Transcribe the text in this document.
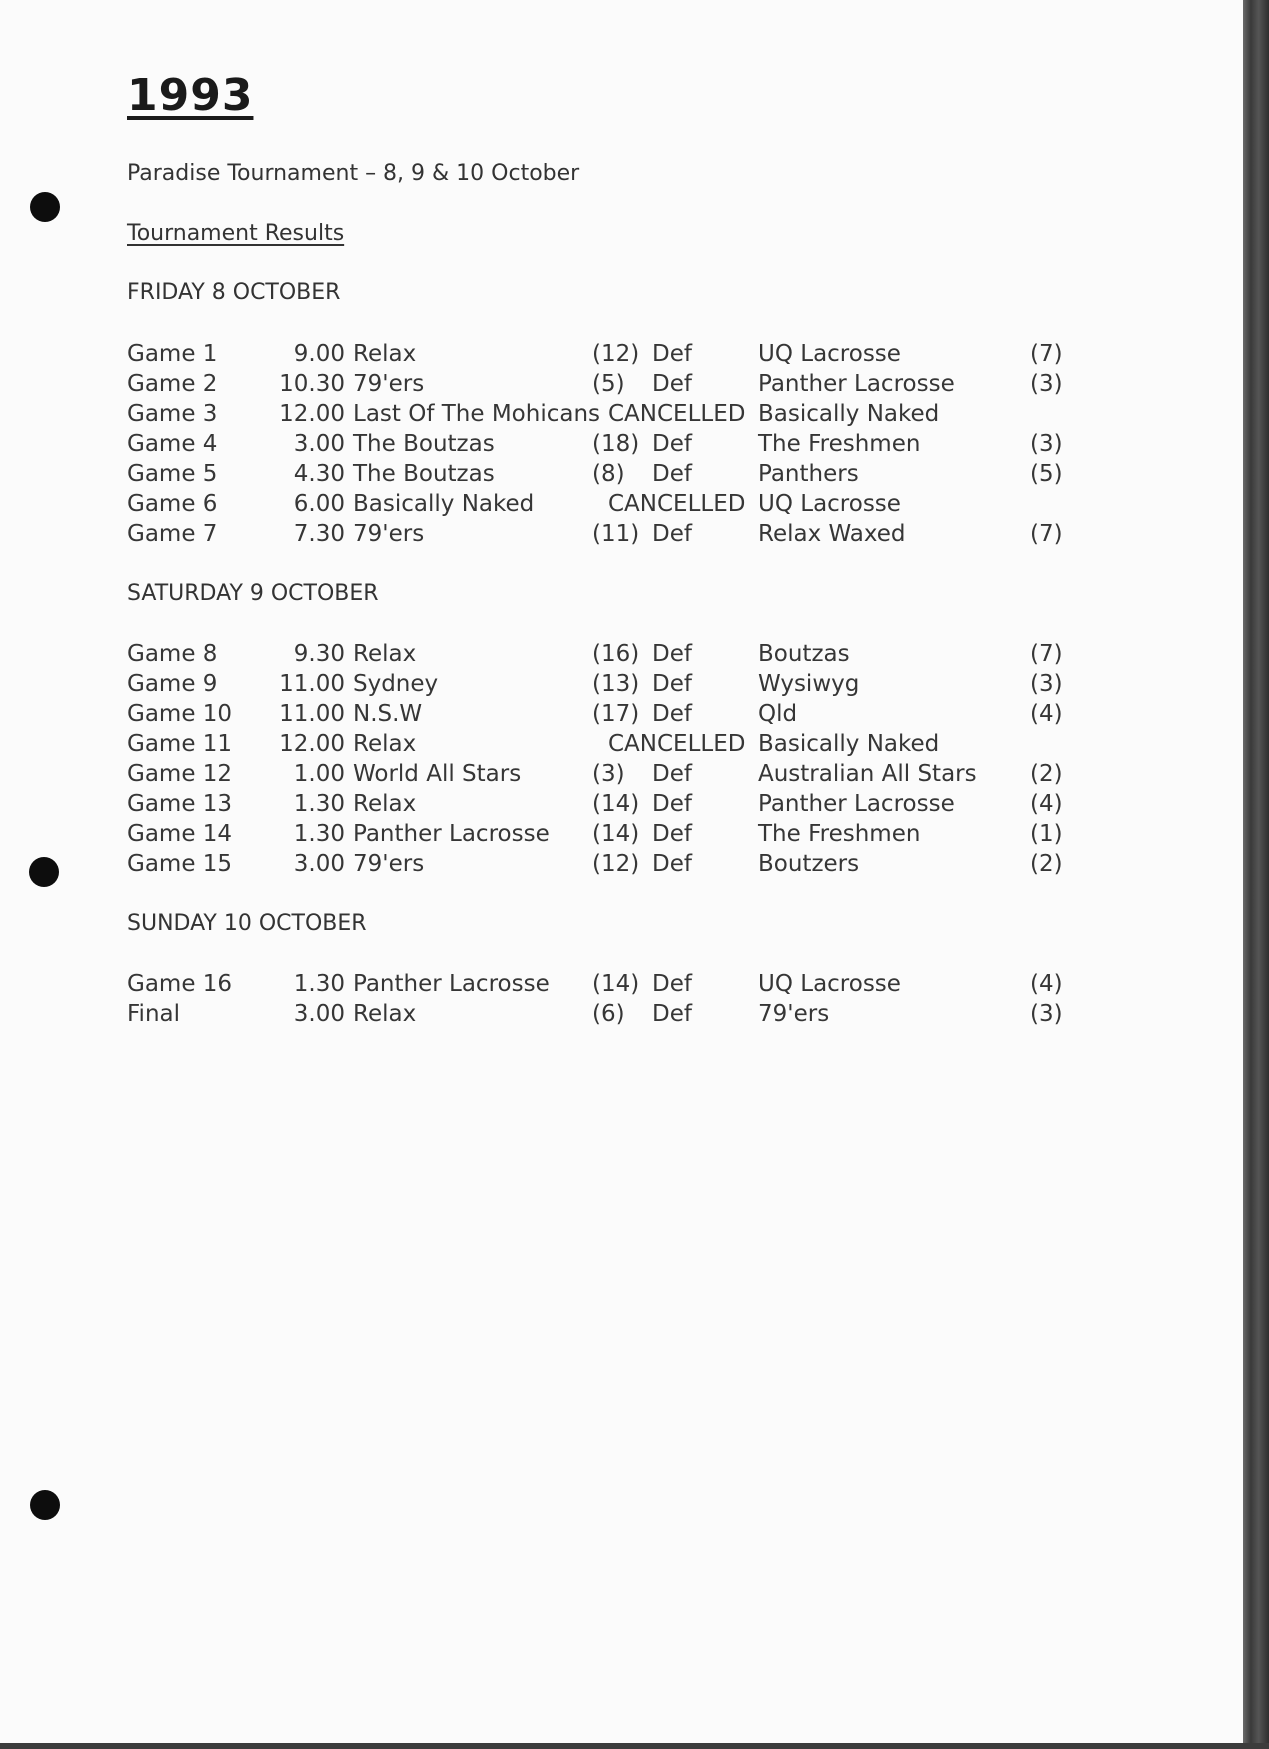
1993
Paradise Tournament – 8, 9 & 10 October
Tournament Results
FRIDAY 8 OCTOBER
Game 1	9.00 Relax	(12) Def	UQ Lacrosse	(7)
Game 2	10.30 79'ers	(5) Def	Panther Lacrosse	(3)
Game 3	12.00 Last Of The Mohicans CANCELLED Basically Naked
Game 4	3.00 The Boutzas	(18) Def	The Freshmen	(3)
Game 5	4.30 The Boutzas	(8) Def	Panthers	(5)
Game 6	6.00 Basically Naked	CANCELLED UQ Lacrosse
Game 7	7.30 79'ers	(11) Def	Relax Waxed	(7)
SATURDAY 9 OCTOBER
Game 8	9.30 Relax	(16) Def	Boutzas	(7)
Game 9	11.00 Sydney	(13) Def	Wysiwyg	(3)
Game 10	11.00 N.S.W	(17) Def	Qld	(4)
Game 11	12.00 Relax	CANCELLED Basically Naked
Game 12	1.00 World All Stars	(3) Def	Australian All Stars (2)
Game 13	1.30 Relax	(14) Def	Panther Lacrosse	(4)
Game 14	1.30 Panther Lacrosse (14) Def	The Freshmen	(1)
Game 15	3.00 79'ers	(12) Def	Boutzers	(2)
SUNDAY 10 OCTOBER
Game 16	1.30 Panther Lacrosse (14) Def	UQ Lacrosse	(4)
Final	3.00 Relax	(6) Def	79'ers	(3)
